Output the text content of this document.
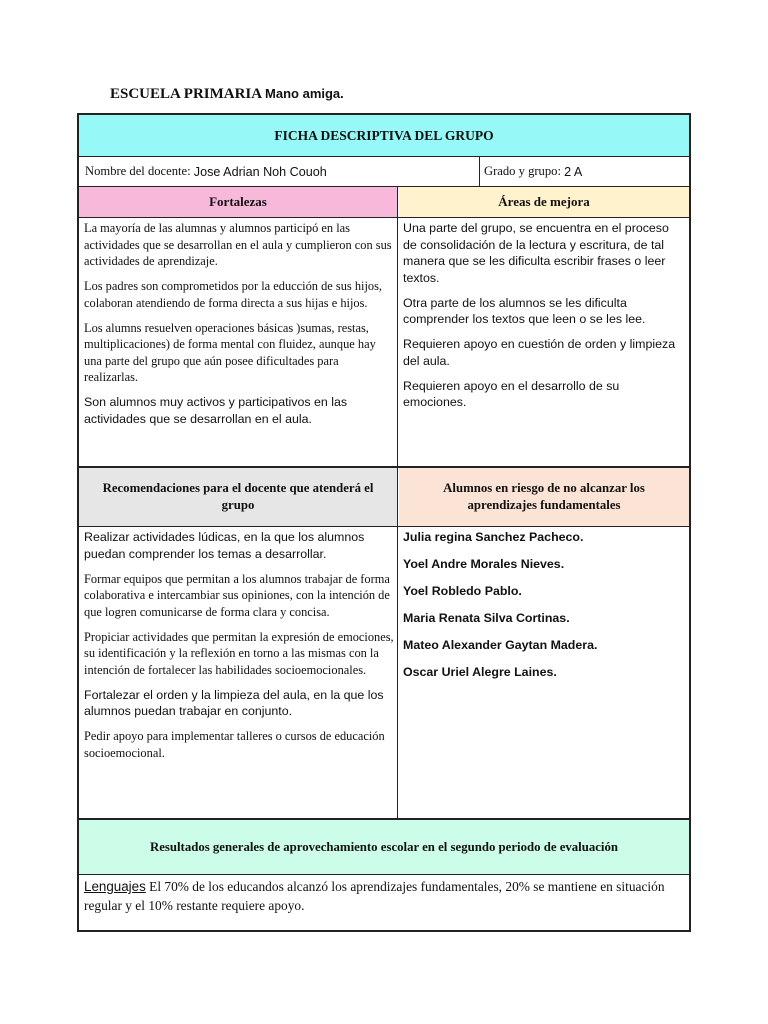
ESCUELA PRIMARIA Mano amiga.
FICHA DESCRIPTIVA DEL GRUPO
Nombre del docente:
Jose Adrian Noh Couoh	Grado y grupo:
2 A
Fortalezas	Áreas de mejora

La mayoría de las alumnas y alumnos participó en las actividades que se desarrollan en el aula y cumplieron con sus actividades de aprendizaje.

Los padres son comprometidos por la educción de sus hijos, colaboran atendiendo de forma directa a sus hijas e hijos.

Los alumns resuelven operaciones básicas )sumas, restas, multiplicaciones) de forma mental con fluidez, aunque hay una parte del grupo que aún posee dificultades para realizarlas.

Son alumnos muy activos y participativos en las actividades que se desarrollan en el aula.

Una parte del grupo, se encuentra en el proceso de consolidación de la lectura y escritura, de tal manera que se les dificulta escribir frases o leer textos.

Otra parte de los alumnos se les dificulta comprender los textos que leen o se les lee.

Requieren apoyo en cuestión de orden y limpieza del aula.

Requieren apoyo en el desarrollo de su emociones.

Recomendaciones para el docente que atenderá el grupo
Alumnos en riesgo de no alcanzar los aprendizajes fundamentales

Realizar actividades lúdicas, en la que los alumnos puedan comprender los temas a desarrollar.

Formar equipos que permitan a los alumnos trabajar de forma colaborativa e intercambiar sus opiniones, con la intención de que logren comunicarse de forma clara y concisa.

Propiciar actividades que permitan la expresión de emociones, su identificación y la reflexión en torno a las mismas con la intención de fortalecer las habilidades socioemocionales.

Fortalezar el orden y la limpieza del aula, en la que los alumnos puedan trabajar en conjunto.

Pedir apoyo para implementar talleres o cursos de educación socioemocional.

Julia regina Sanchez Pacheco.

Yoel Andre Morales Nieves.

Yoel Robledo Pablo.

Maria Renata Silva Cortinas.

Mateo Alexander Gaytan Madera.

Oscar Uriel Alegre Laines.

Resultados generales de aprovechamiento escolar en el segundo periodo de evaluación
Lenguajes El 70% de los educandos alcanzó los aprendizajes fundamentales, 20% se mantiene en situación regular y el 10% restante requiere apoyo.
